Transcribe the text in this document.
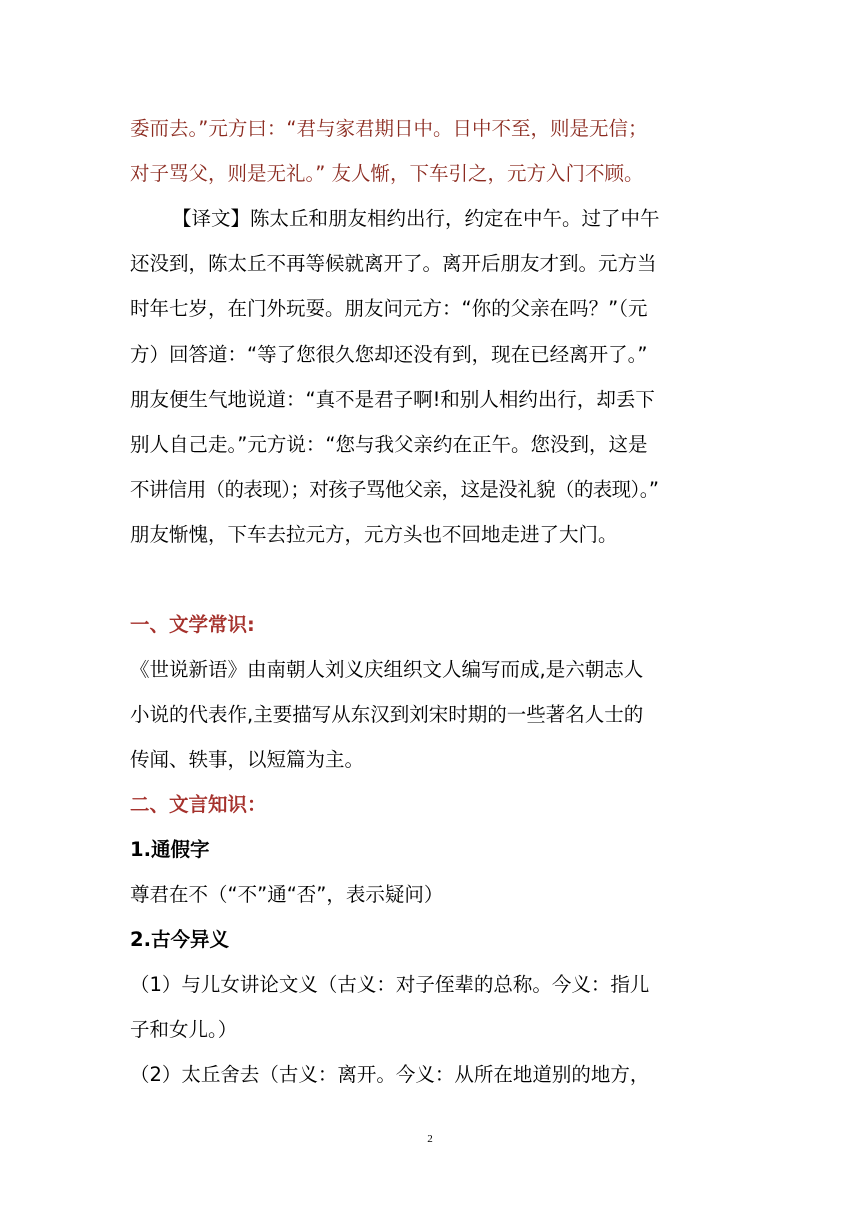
委而去。”元方曰：“君与家君期日中。日中不至，则是无信；
对子骂父，则是无礼。” 友人惭，下车引之，元方入门不顾。
【译文】陈太丘和朋友相约出行，约定在中午。过了中午
还没到，陈太丘不再等候就离开了。离开后朋友才到。元方当
时年七岁，在门外玩耍。朋友问元方：“你的父亲在吗？”（元
方）回答道：“等了您很久您却还没有到，现在已经离开了。”
朋友便生气地说道：“真不是君子啊!和别人相约出行，却丢下
别人自己走。”元方说：“您与我父亲约在正午。您没到，这是
不讲信用（的表现）；对孩子骂他父亲，这是没礼貌（的表现）。”
朋友惭愧，下车去拉元方，元方头也不回地走进了大门。
一、文学常识:
《世说新语》由南朝人刘义庆组织文人编写而成,是六朝志人
小说的代表作,主要描写从东汉到刘宋时期的一些著名人士的
传闻、轶事，以短篇为主。
二、文言知识：
1.通假字
尊君在不（“不”通“否”，表示疑问）
2.古今异义
（1）与儿女讲论文义（古义：对子侄辈的总称。今义：指儿
子和女儿。）
（2）太丘舍去（古义：离开。今义：从所在地道别的地方，
2
